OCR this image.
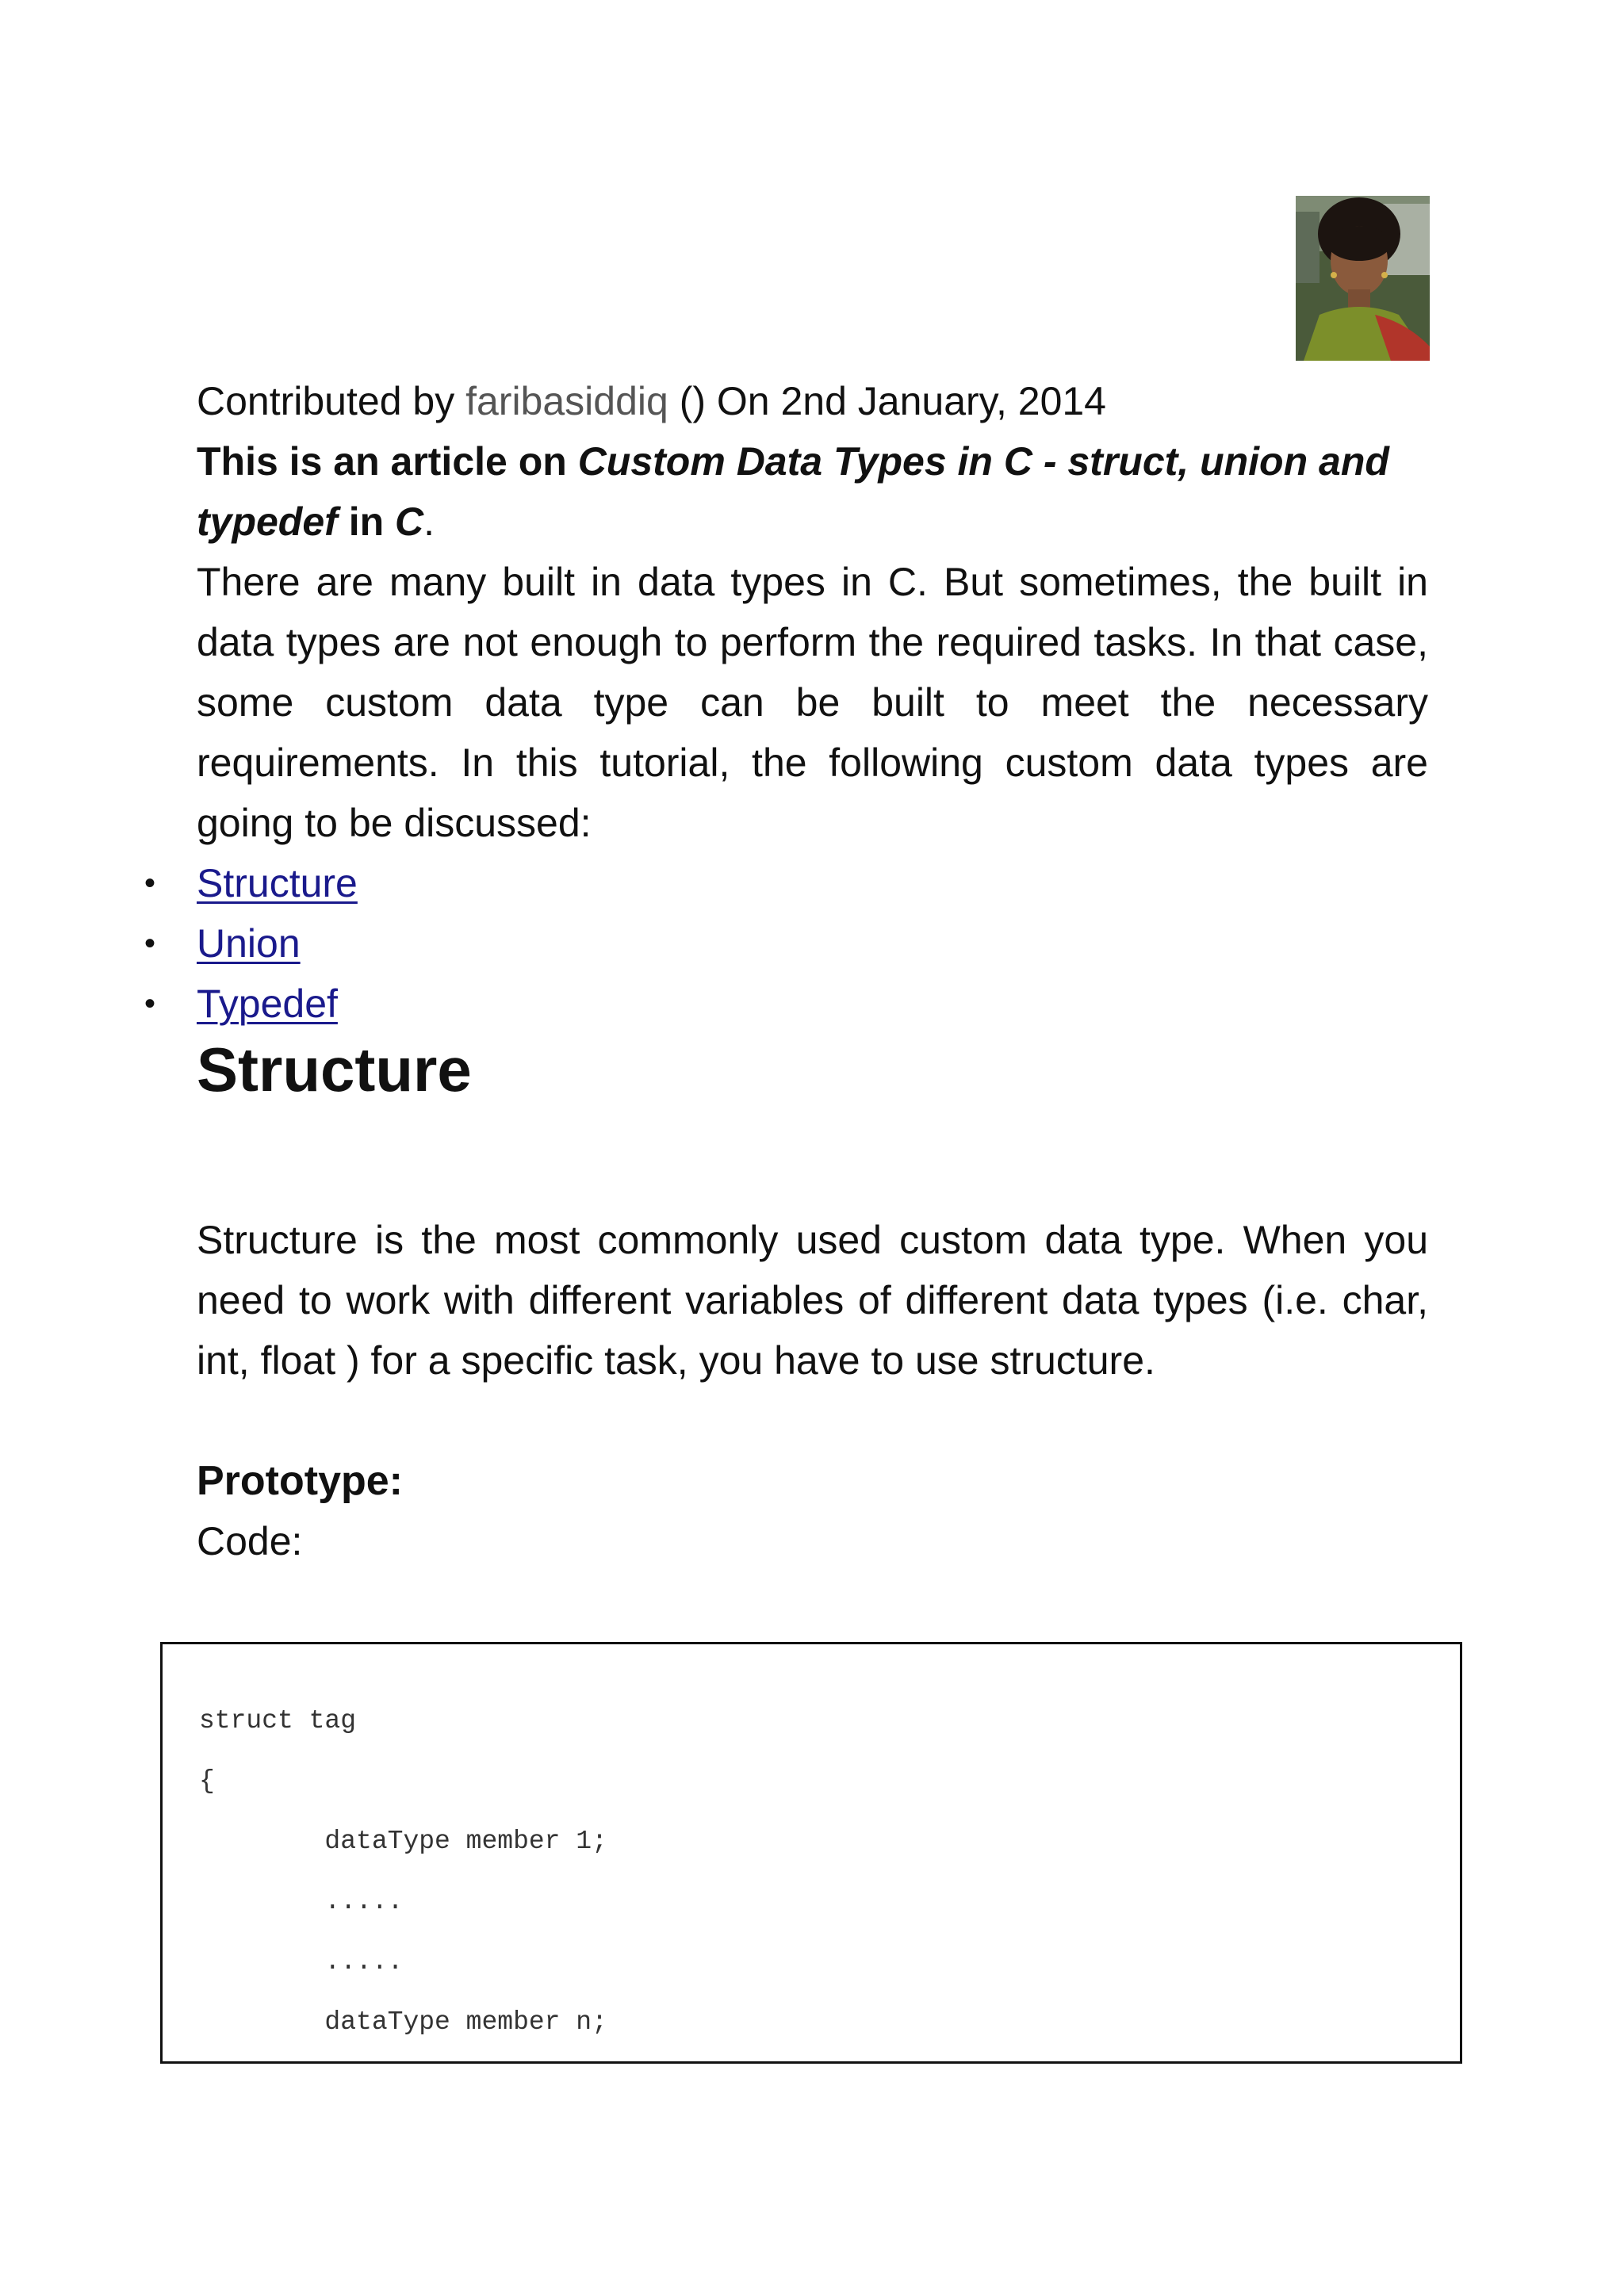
Contributed by faribasiddiq () On 2nd January, 2014

This is an article on Custom Data Types in C - struct, union and typedef in C.

There are many built in data types in C. But sometimes, the built in data types are not enough to perform the required tasks. In that case, some custom data type can be built to meet the necessary requirements. In this tutorial, the following custom data types are going to be discussed:

• Structure
• Union
• Typedef
Structure

Structure is the most commonly used custom data type. When you need to work with different variables of different data types (i.e. char, int, float ) for a specific task, you have to use structure.

Prototype:

Code:

struct tag
{
dataType member 1;
.....
.....
dataType member n;
